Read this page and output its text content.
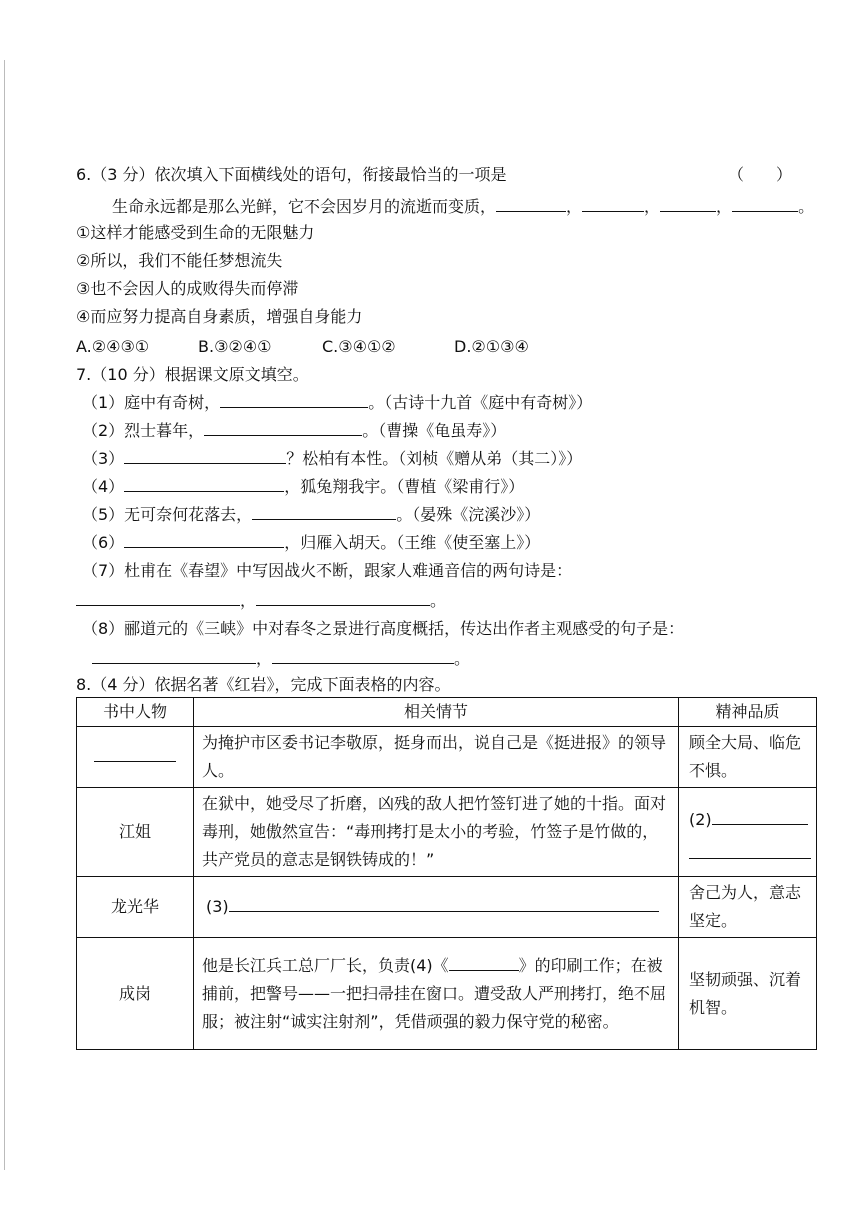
6.（3 分）依次填入下面横线处的语句，衔接最恰当的一项是	（　　）
生命永远都是那么光鲜，它不会因岁月的流逝而变质，	，	，	，	。
①这样才能感受到生命的无限魅力
②所以，我们不能任梦想流失
③也不会因人的成败得失而停滞
④而应努力提高自身素质，增强自身能力
A.②④③①	B.③②④①	C.③④①②	D.②①③④
7.（10 分）根据课文原文填空。
（1）庭中有奇树，	。（古诗十九首《庭中有奇树》）
（2）烈士暮年，	。（曹操《龟虽寿》）
（3）	？松柏有本性。（刘桢《赠从弟（其二）》）
（4）	，狐兔翔我宇。（曹植《梁甫行》）
（5）无可奈何花落去，	。（晏殊《浣溪沙》）
（6）	，归雁入胡天。（王维《使至塞上》）
（7）杜甫在《春望》中写因战火不断，跟家人难通音信的两句诗是：
，	。
（8）郦道元的《三峡》中对春冬之景进行高度概括，传达出作者主观感受的句子是：
，	。
8.（4 分）依据名著《红岩》，完成下面表格的内容。
书中人物	相关情节	精神品质
	为掩护市区委书记李敬原，挺身而出，说自己是《挺进报》的领导人。	顾全大局、临危不惧。
江姐	在狱中，她受尽了折磨，凶残的敌人把竹签钉进了她的十指。面对毒刑，她傲然宣告：“毒刑拷打是太小的考验，竹签子是竹做的，共产党员的意志是钢铁铸成的！”	(2)

龙光华	(3)	舍己为人，意志坚定。
成岗	他是长江兵工总厂厂长，负责(4)《 》的印刷工作；在被捕前，把警号——一把扫帚挂在窗口。遭受敌人严刑拷打，绝不屈服；被注射“诚实注射剂”，凭借顽强的毅力保守党的秘密。	坚韧顽强、沉着机智。
